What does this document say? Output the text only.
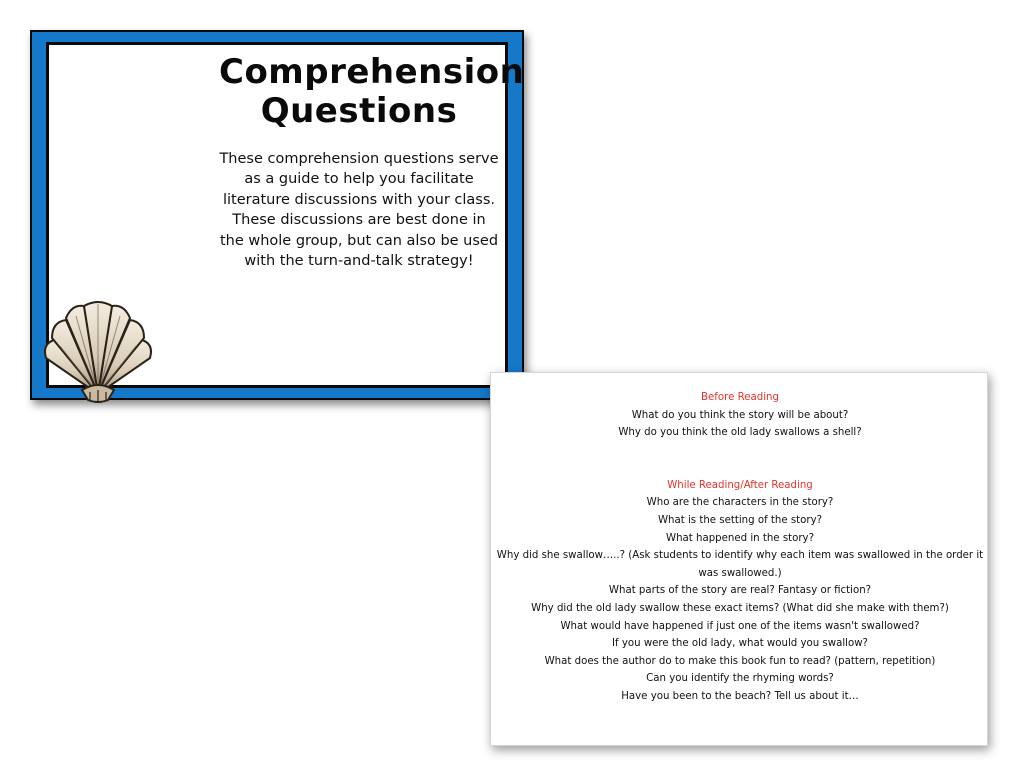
Comprehension
Questions
These comprehension questions serve as a guide to help you facilitate literature discussions with your class. These discussions are best done in the whole group, but can also be used with the turn-and-talk strategy!
Before Reading
What do you think the story will be about?
Why do you think the old lady swallows a shell?
While Reading/After Reading
Who are the characters in the story?
What is the setting of the story?
What happened in the story?
Why did she swallow…..? (Ask students to identify why each item was swallowed in the order it was swallowed.)
What parts of the story are real? Fantasy or fiction?
Why did the old lady swallow these exact items? (What did she make with them?)
What would have happened if just one of the items wasn't swallowed?
If you were the old lady, what would you swallow?
What does the author do to make this book fun to read? (pattern, repetition)
Can you identify the rhyming words?
Have you been to the beach? Tell us about it…
